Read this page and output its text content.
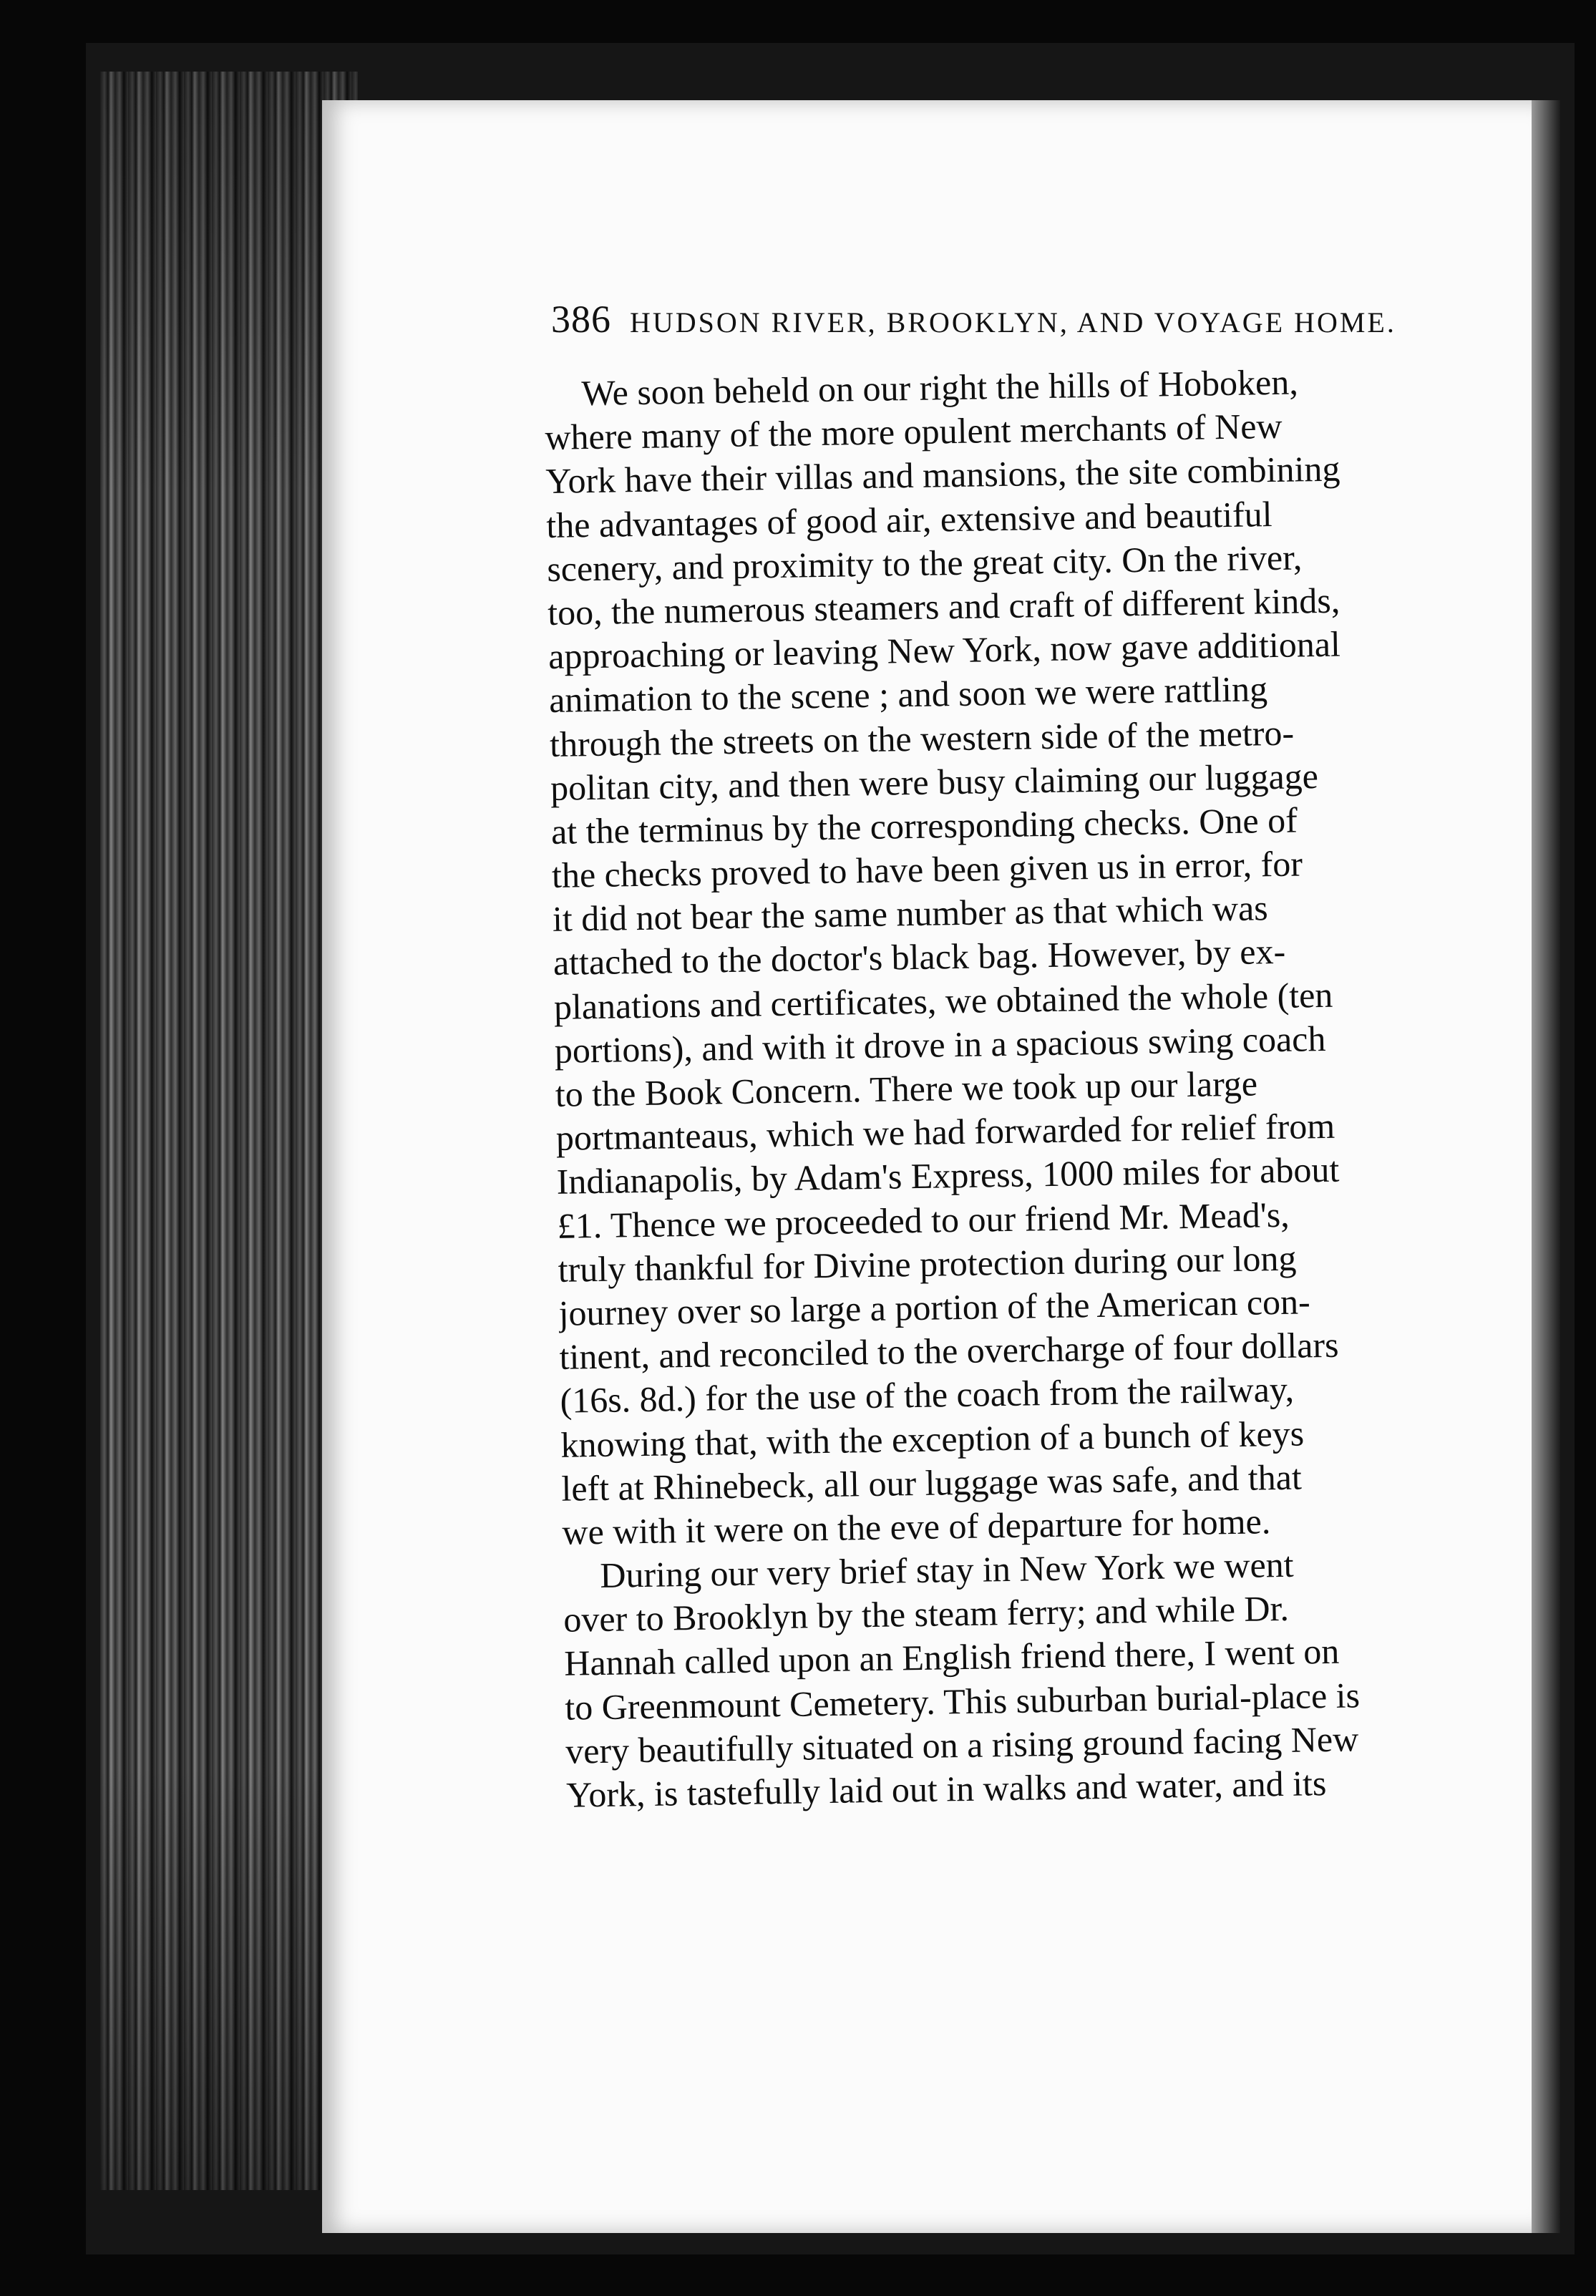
386 HUDSON RIVER, BROOKLYN, AND VOYAGE HOME.
We soon beheld on our right the hills of Hoboken,
where many of the more opulent merchants of New
York have their villas and mansions, the site combining
the advantages of good air, extensive and beautiful
scenery, and proximity to the great city. On the river,
too, the numerous steamers and craft of different kinds,
approaching or leaving New York, now gave additional
animation to the scene ; and soon we were rattling
through the streets on the western side of the metro-
politan city, and then were busy claiming our luggage
at the terminus by the corresponding checks. One of
the checks proved to have been given us in error, for
it did not bear the same number as that which was
attached to the doctor's black bag. However, by ex-
planations and certificates, we obtained the whole (ten
portions), and with it drove in a spacious swing coach
to the Book Concern. There we took up our large
portmanteaus, which we had forwarded for relief from
Indianapolis, by Adam's Express, 1000 miles for about
£1. Thence we proceeded to our friend Mr. Mead's,
truly thankful for Divine protection during our long
journey over so large a portion of the American con-
tinent, and reconciled to the overcharge of four dollars
(16s. 8d.) for the use of the coach from the railway,
knowing that, with the exception of a bunch of keys
left at Rhinebeck, all our luggage was safe, and that
we with it were on the eve of departure for home.
During our very brief stay in New York we went
over to Brooklyn by the steam ferry; and while Dr.
Hannah called upon an English friend there, I went on
to Greenmount Cemetery. This suburban burial-place is
very beautifully situated on a rising ground facing New
York, is tastefully laid out in walks and water, and its
